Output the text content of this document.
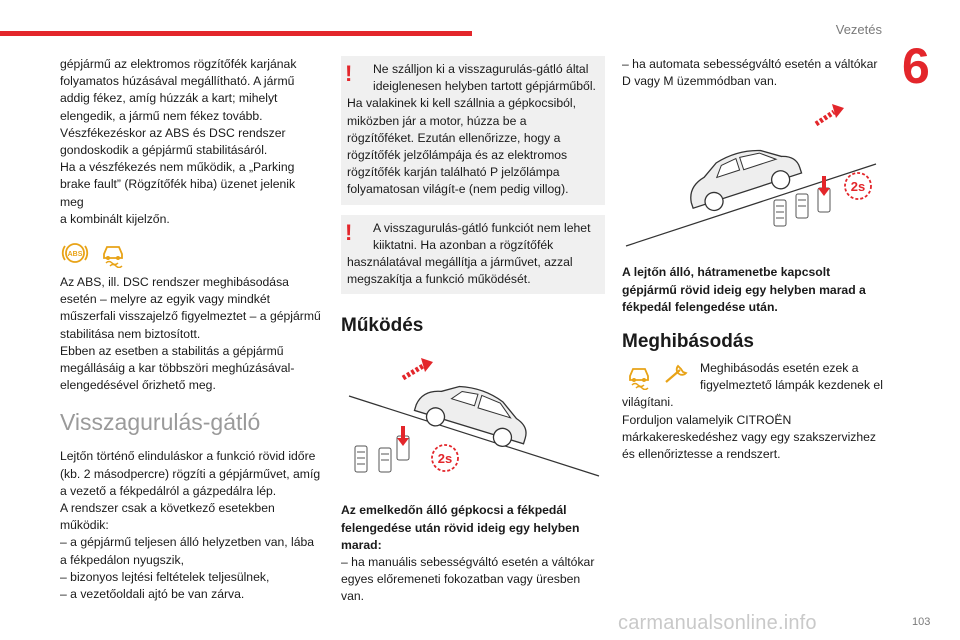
Vezetés
6

gépjármű az elektromos rögzítőfék karjának
folyamatos húzásával megállítható. A jármű
addig fékez, amíg húzzák a kart; mihelyt
elengedik, a jármű nem fékez tovább.
Vészfékezéskor az ABS és DSC rendszer
gondoskodik a gépjármű stabilitásáról.
Ha a vészfékezés nem működik, a „Parking
brake fault” (Rögzítőfék hiba) üzenet jelenik meg
a kombinált kijelzőn.

ABS

Az ABS, ill. DSC rendszer meghibásodása
esetén – melyre az egyik vagy mindkét
műszerfali visszajelző figyelmeztet – a gépjármű
stabilitása nem biztosított.
Ebben az esetben a stabilitás a gépjármű
megállásáig a kar többszöri meghúzásával-
elengedésével őrizhető meg.

Visszagurulás-gátló

Lejtőn történő elinduláskor a funkció rövid időre
(kb. 2 másodpercre) rögzíti a gépjárművet, amíg
a vezető a fékpedálról a gázpedálra lép.
A rendszer csak a következő esetekben
működik:
– a gépjármű teljesen álló helyzetben van, lába
a fékpedálon nyugszik,
– bizonyos lejtési feltételek teljesülnek,
– a vezetőoldali ajtó be van zárva.

!	Ne szálljon ki a visszagurulás-gátló által
ideiglenesen helyben tartott gépjárműből.
Ha valakinek ki kell szállnia a gépkocsiból,
miközben jár a motor, húzza be a
rögzítőféket. Ezután ellenőrizze, hogy a
rögzítőfék jelzőlámpája és az elektromos
rögzítőfék karján található P jelzőlámpa
folyamatosan világít-e (nem pedig villog).
!	A visszagurulás-gátló funkciót nem lehet
kiiktatni. Ha azonban a rögzítőfék
használatával megállítja a járművet, azzal
megszakítja a funkció működését.
Működés
2s

Az emelkedőn álló gépkocsi a fékpedál
felengedése után rövid ideig egy helyben
marad:

– ha manuális sebességváltó esetén a váltókar
egyes előremeneti fokozatban vagy üresben
van.

– ha automata sebességváltó esetén a váltókar
D vagy M üzemmódban van.

2s

A lejtőn álló, hátramenetbe kapcsolt
gépjármű rövid ideig egy helyben marad a
fékpedál felengedése után.

Meghibásodás

Meghibásodás esetén ezek a
figyelmeztető lámpák kezdenek el

világítani.
Forduljon valamelyik CITROËN
márkakereskedéshez vagy egy szakszervizhez
és ellenőriztesse a rendszert.

carmanualsonline.info	103
